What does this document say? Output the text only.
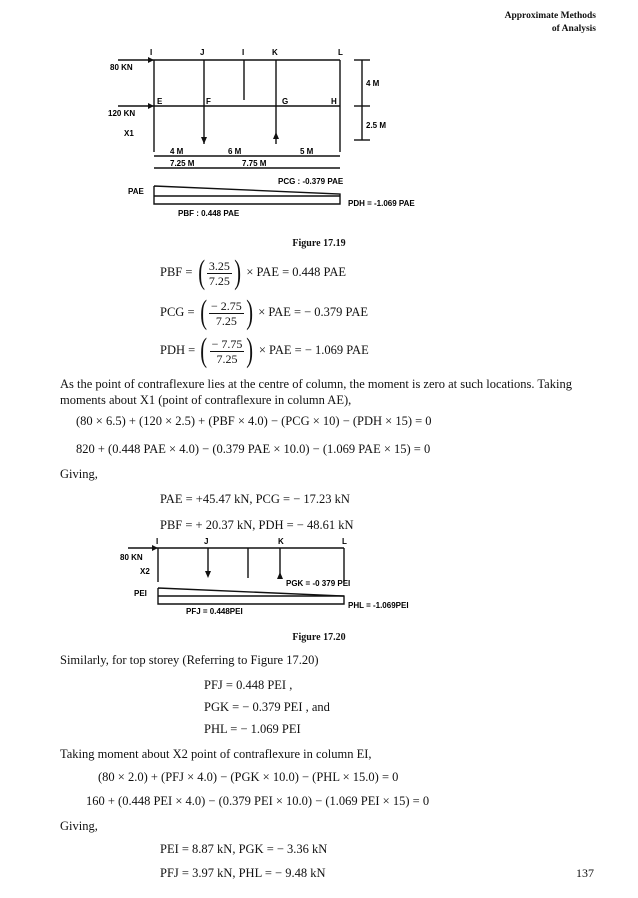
Approximate Methods
of Analysis
I	J	I	K	L
E	F	G	H
80 KN
120 KN
X1
4 M
2.5 M
4 M	6 M	5 M
7.25 M	7.75 M
PAE
PBF : 0.448 PAE
PCG : -0.379 PAE
PDH = -1.069 PAE
Figure 17.19
PBF = ( $\frac{3.25}{7.25}$ ) × PAE = 0.448 PAE
PCG = ( $\frac{- 2.75}{7.25}$ ) × PAE = − 0.379 PAE
PDH = ( $\frac{- 7.75}{7.25}$ ) × PAE = − 1.069 PAE
As the point of contraflexure lies at the centre of column, the moment is zero at such locations. Taking moments about X1 (point of contraflexure in column AE),
(80 × 6.5) + (120 × 2.5) + (PBF × 4.0) − (PCG × 10) − (PDH × 15) = 0
820 + (0.448 PAE × 4.0) − (0.379 PAE × 10.0) − (1.069 PAE × 15) = 0
Giving,
PAE = +45.47 kN, PCG = − 17.23 kN
PBF = + 20.37 kN, PDH = − 48.61 kN
I	J	K	L
80 KN
X2
PEI
PFJ = 0.448PEI
PGK = -0 379 PEI
PHL = -1.069PEI
Figure 17.20
Similarly, for top storey (Referring to Figure 17.20)
PFJ = 0.448 PEI ,
PGK = − 0.379 PEI , and
PHL = − 1.069 PEI
Taking moment about X2 point of contraflexure in column EI,
(80 × 2.0) + (PFJ × 4.0) − (PGK × 10.0) − (PHL × 15.0) = 0
160 + (0.448 PEI × 4.0) − (0.379 PEI × 10.0) − (1.069 PEI × 15) = 0
Giving,
PEI = 8.87 kN, PGK = − 3.36 kN
PFJ = 3.97 kN, PHL = − 9.48 kN	137
